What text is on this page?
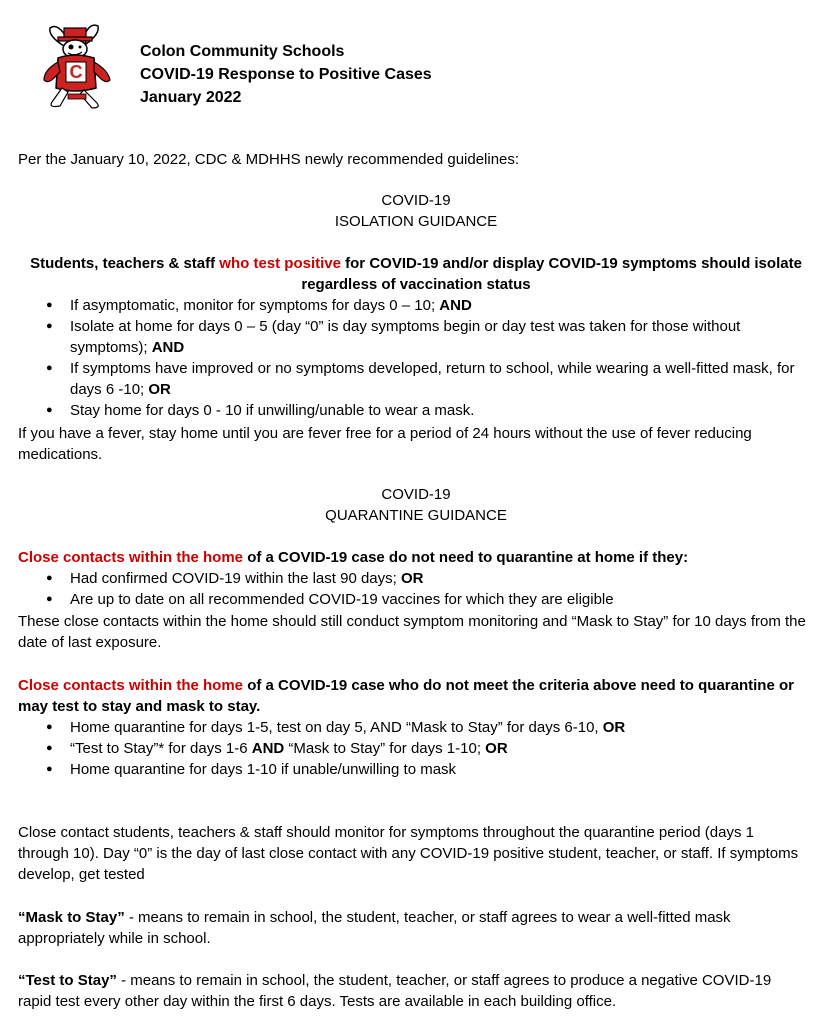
C
Colon Community Schools
COVID-19 Response to Positive Cases
January 2022
Per the January 10, 2022, CDC & MDHHS newly recommended guidelines:
COVID-19
ISOLATION GUIDANCE
Students, teachers & staff who test positive for COVID-19 and/or display COVID-19 symptoms should isolate regardless of vaccination status
● If asymptomatic, monitor for symptoms for days 0 – 10; AND
● Isolate at home for days 0 – 5 (day “0” is day symptoms begin or day test was taken for those without symptoms); AND
● If symptoms have improved or no symptoms developed, return to school, while wearing a well-fitted mask, for days 6 -10; OR
● Stay home for days 0 - 10 if unwilling/unable to wear a mask.
If you have a fever, stay home until you are fever free for a period of 24 hours without the use of fever reducing medications.
COVID-19
QUARANTINE GUIDANCE
Close contacts within the home of a COVID-19 case do not need to quarantine at home if they:
● Had confirmed COVID-19 within the last 90 days; OR
● Are up to date on all recommended COVID-19 vaccines for which they are eligible
These close contacts within the home should still conduct symptom monitoring and “Mask to Stay” for 10 days from the date of last exposure.
Close contacts within the home of a COVID-19 case who do not meet the criteria above need to quarantine or may test to stay and mask to stay.
● Home quarantine for days 1-5, test on day 5, AND “Mask to Stay” for days 6-10, OR
● “Test to Stay”* for days 1-6 AND “Mask to Stay” for days 1-10; OR
● Home quarantine for days 1-10 if unable/unwilling to mask
Close contact students, teachers & staff should monitor for symptoms throughout the quarantine period (days 1 through 10). Day “0” is the day of last close contact with any COVID-19 positive student, teacher, or staff. If symptoms develop, get tested
“Mask to Stay” - means to remain in school, the student, teacher, or staff agrees to wear a well-fitted mask appropriately while in school.
“Test to Stay” - means to remain in school, the student, teacher, or staff agrees to produce a negative COVID-19 rapid test every other day within the first 6 days. Tests are available in each building office.
